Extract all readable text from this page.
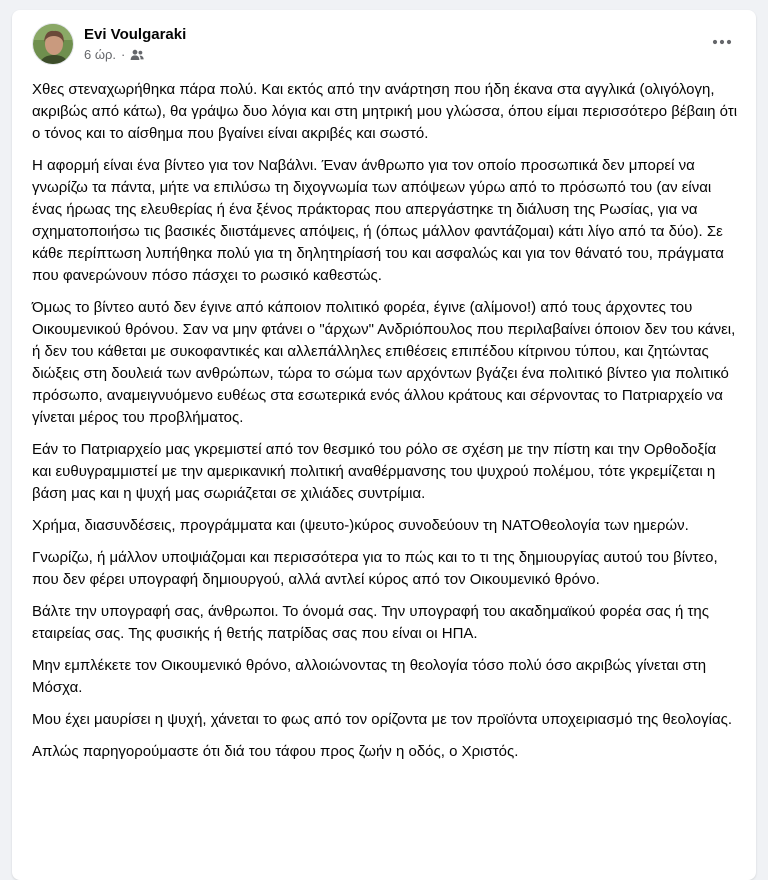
Evi Voulgaraki
6 ώρ. ·

Χθες στεναχωρήθηκα πάρα πολύ. Και εκτός από την ανάρτηση που ήδη έκανα στα αγγλικά (ολιγόλογη, ακριβώς από κάτω), θα γράψω δυο λόγια και στη μητρική μου γλώσσα, όπου είμαι περισσότερο βέβαιη ότι ο τόνος και το αίσθημα που βγαίνει είναι ακριβές και σωστό.

Η αφορμή είναι ένα βίντεο για τον Ναβάλνι. Έναν άνθρωπο για τον οποίο προσωπικά δεν μπορεί να γνωρίζω τα πάντα, μήτε να επιλύσω τη διχογνωμία των απόψεων γύρω από το πρόσωπό του (αν είναι ένας ήρωας της ελευθερίας ή ένα ξένος πράκτορας που απεργάστηκε τη διάλυση της Ρωσίας, για να σχηματοποιήσω τις βασικές διιστάμενες απόψεις, ή (όπως μάλλον φαντάζομαι) κάτι λίγο από τα δύο). Σε κάθε περίπτωση λυπήθηκα πολύ για τη δηλητηρίασή του και ασφαλώς και για τον θάνατό του, πράγματα που φανερώνουν πόσο πάσχει το ρωσικό καθεστώς.

Όμως το βίντεο αυτό δεν έγινε από κάποιον πολιτικό φορέα, έγινε (αλίμονο!) από τους άρχοντες του Οικουμενικού θρόνου. Σαν να μην φτάνει ο "άρχων" Ανδριόπουλος που περιλαβαίνει όποιον δεν του κάνει, ή δεν του κάθεται με συκοφαντικές και αλλεπάλληλες επιθέσεις επιπέδου κίτρινου τύπου, και ζητώντας διώξεις στη δουλειά των ανθρώπων, τώρα το σώμα των αρχόντων βγάζει ένα πολιτικό βίντεο για πολιτικό πρόσωπο, αναμειγνυόμενο ευθέως στα εσωτερικά ενός άλλου κράτους και σέρνοντας το Πατριαρχείο να γίνεται μέρος του προβλήματος.

Εάν το Πατριαρχείο μας γκρεμιστεί από τον θεσμικό του ρόλο σε σχέση με την πίστη και την Ορθοδοξία και ευθυγραμμιστεί με την αμερικανική πολιτική αναθέρμανσης του ψυχρού πολέμου, τότε γκρεμίζεται η βάση μας και η ψυχή μας σωριάζεται σε χιλιάδες συντρίμια.

Χρήμα, διασυνδέσεις, προγράμματα και (ψευτο-)κύρος συνοδεύουν τη NATOθεολογία των ημερών.

Γνωρίζω, ή μάλλον υποψιάζομαι και περισσότερα για το πώς και το τι της δημιουργίας αυτού του βίντεο, που δεν φέρει υπογραφή δημιουργού, αλλά αντλεί κύρος από τον Οικουμενικό θρόνο.

Βάλτε την υπογραφή σας, άνθρωποι. Το όνομά σας. Την υπογραφή του ακαδημαϊκού φορέα σας ή της εταιρείας σας. Της φυσικής ή θετής πατρίδας σας που είναι οι ΗΠΑ.

Μην εμπλέκετε τον Οικουμενικό θρόνο, αλλοιώνοντας τη θεολογία τόσο πολύ όσο ακριβώς γίνεται στη Μόσχα.

Μου έχει μαυρίσει η ψυχή, χάνεται το φως από τον ορίζοντα με τον προϊόντα υποχειριασμό της θεολογίας.

Απλώς παρηγορούμαστε ότι διά του τάφου προς ζωήν η οδός, ο Χριστός.
